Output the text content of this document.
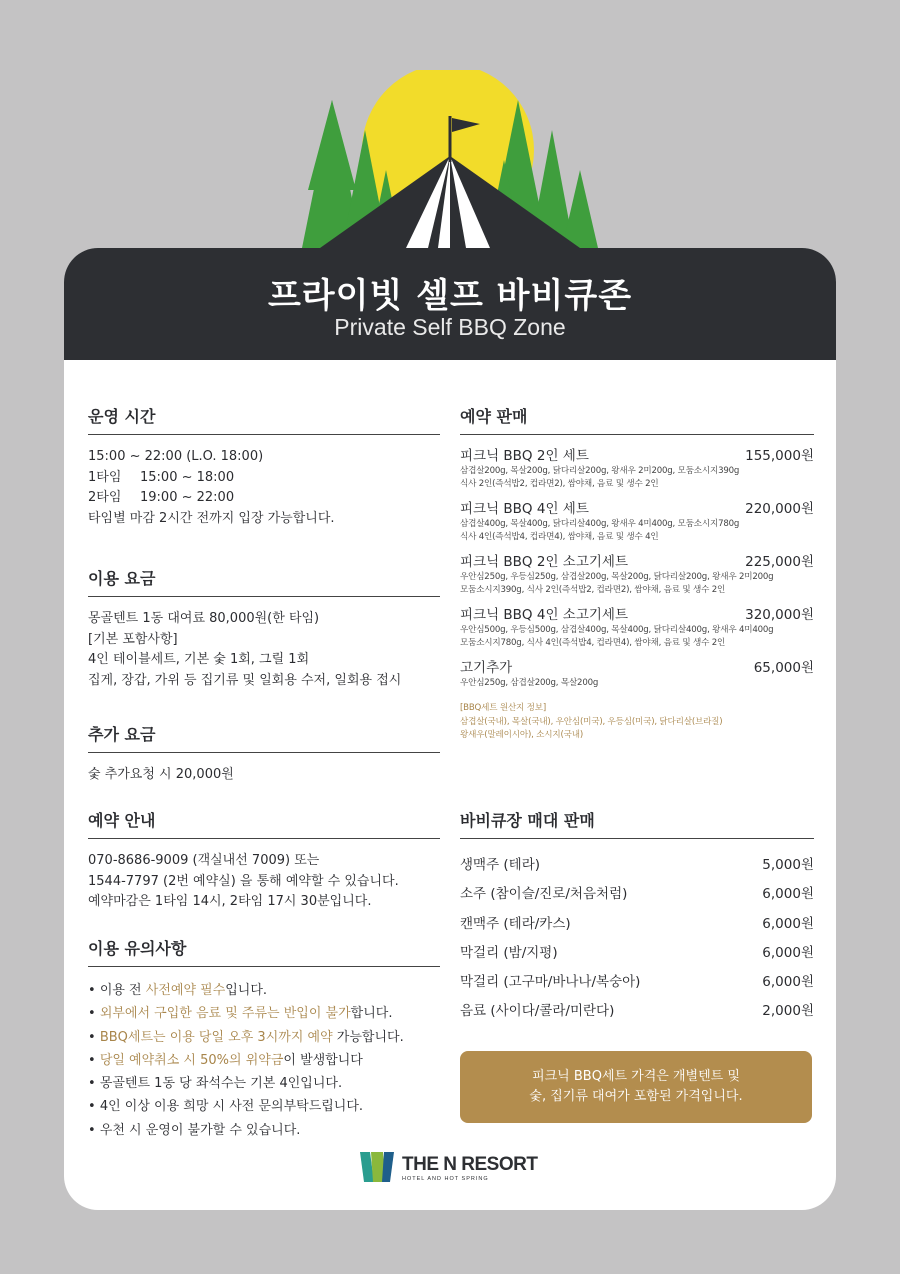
프라이빗 셀프 바비큐존
Private Self BBQ Zone
운영 시간
15:00 ~ 22:00 (L.O. 18:00)
1타임	15:00 ~ 18:00
2타임	19:00 ~ 22:00
타임별 마감 2시간 전까지 입장 가능합니다.
이용 요금
몽골텐트 1동 대여료 80,000원(한 타임)
[기본 포함사항]
4인 테이블세트, 기본 숯 1회, 그릴 1회
집게, 장갑, 가위 등 집기류 및 일회용 수저, 일회용 접시
추가 요금
숯 추가요청 시 20,000원
예약 안내
070-8686-9009 (객실내선 7009) 또는
1544-7797 (2번 예약실) 을 통해 예약할 수 있습니다.
예약마감은 1타임 14시, 2타임 17시 30분입니다.
이용 유의사항
• 이용 전 사전예약 필수입니다.
• 외부에서 구입한 음료 및 주류는 반입이 불가합니다.
• BBQ세트는 이용 당일 오후 3시까지 예약 가능합니다.
• 당일 예약취소 시 50%의 위약금이 발생합니다
• 몽골텐트 1동 당 좌석수는 기본 4인입니다.
• 4인 이상 이용 희망 시 사전 문의부탁드립니다.
• 우천 시 운영이 불가할 수 있습니다.
예약 판매
피크닉 BBQ 2인 세트	155,000원
삼겹살200g, 목살200g, 닭다리살200g, 왕새우 2미200g, 모둠소시지390g
식사 2인(즉석밥2, 컵라면2), 쌈야채, 음료 및 생수 2인
피크닉 BBQ 4인 세트	220,000원
삼겹살400g, 목살400g, 닭다리살400g, 왕새우 4미400g, 모둠소시지780g
식사 4인(즉석밥4, 컵라면4), 쌈야채, 음료 및 생수 4인
피크닉 BBQ 2인 소고기세트	225,000원
우안심250g, 우등심250g, 삼겹살200g, 목살200g, 닭다리살200g, 왕새우 2미200g
모둠소시지390g, 식사 2인(즉석밥2, 컵라면2), 쌈야채, 음료 및 생수 2인
피크닉 BBQ 4인 소고기세트	320,000원
우안심500g, 우등심500g, 삼겹살400g, 목살400g, 닭다리살400g, 왕새우 4미400g
모둠소시지780g, 식사 4인(즉석밥4, 컵라면4), 쌈야채, 음료 및 생수 2인
고기추가	65,000원
우안심250g, 삼겹살200g, 목살200g
[BBQ세트 원산지 정보]
삼겹살(국내), 목살(국내), 우안심(미국), 우등심(미국), 닭다리살(브라질)
왕새우(말레이시아), 소시지(국내)
바비큐장 매대 판매
생맥주 (테라)	5,000원
소주 (참이슬/진로/처음처럼)	6,000원
캔맥주 (테라/카스)	6,000원
막걸리 (밤/지평)	6,000원
막걸리 (고구마/바나나/복숭아)	6,000원
음료 (사이다/콜라/미란다)	2,000원
피크닉 BBQ세트 가격은 개별텐트 및
숯, 집기류 대여가 포함된 가격입니다.
THE N RESORT
HOTEL AND HOT SPRING
